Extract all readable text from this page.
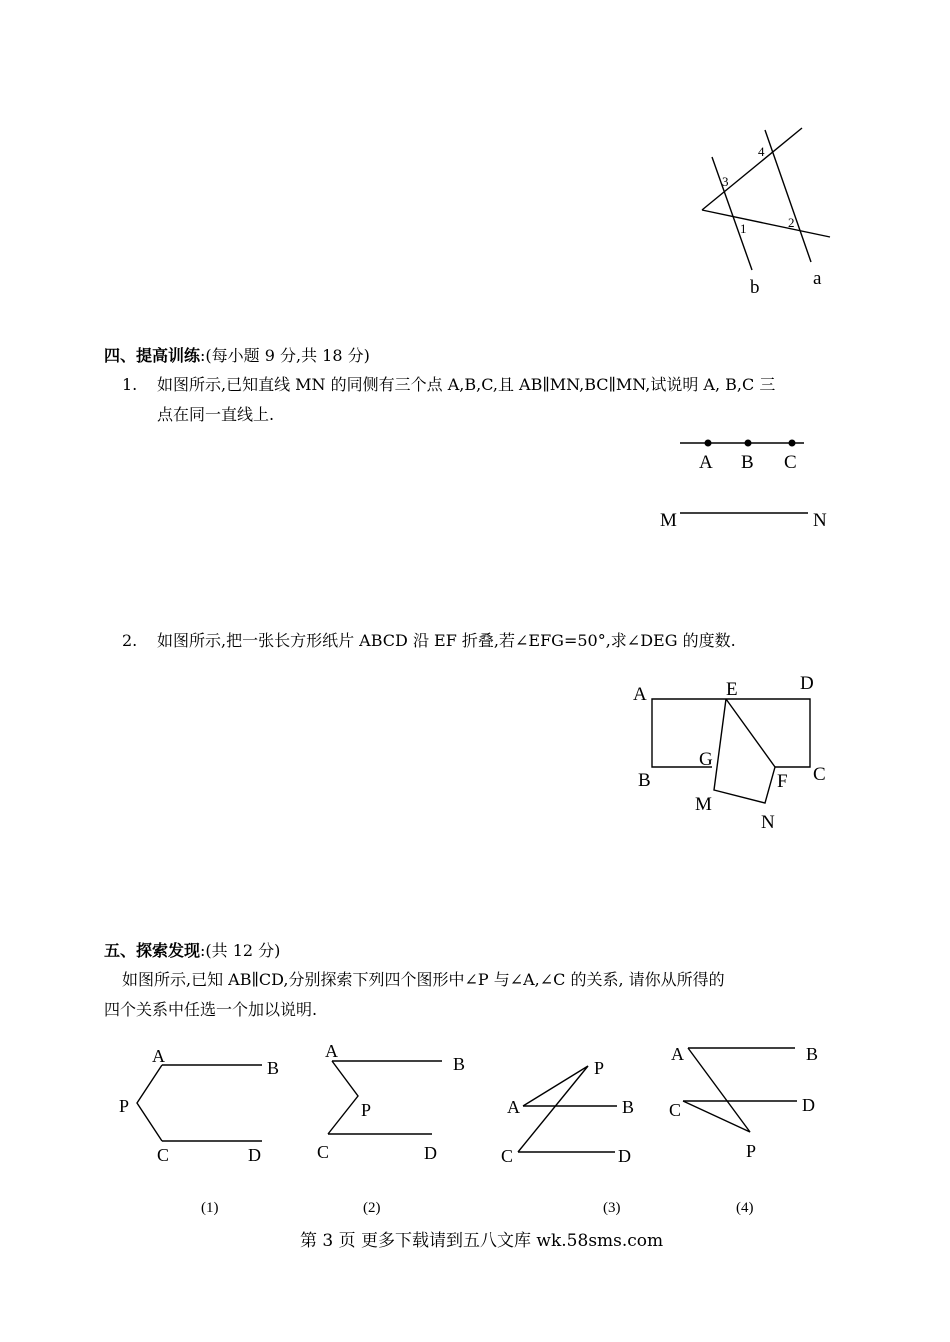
3
4
1	2
b	a
四、提高训练:(每小题 9 分,共 18 分)
1. 如图所示,已知直线 MN 的同侧有三个点 A,B,C,且 AB∥MN,BC∥MN,试说明 A, B,C 三
点在同一直线上.
A B C
M	N
2. 如图所示,把一张长方形纸片 ABCD 沿 EF 折叠,若∠EFG=50°,求∠DEG 的度数.
A	E	D
B
G
F C
M
N
五、探索发现:(共 12 分)
如图所示,已知 AB∥CD,分别探索下列四个图形中∠P 与∠A,∠C 的关系, 请你从所得的
四个关系中任选一个加以说明.
A
B
P
C	D
A
B
P
C	D
P
A	B
C	D
A	B
C	D
P
(1)	(2)	(3)	(4)
第 3 页 更多下载请到五八文库 wk.58sms.com
